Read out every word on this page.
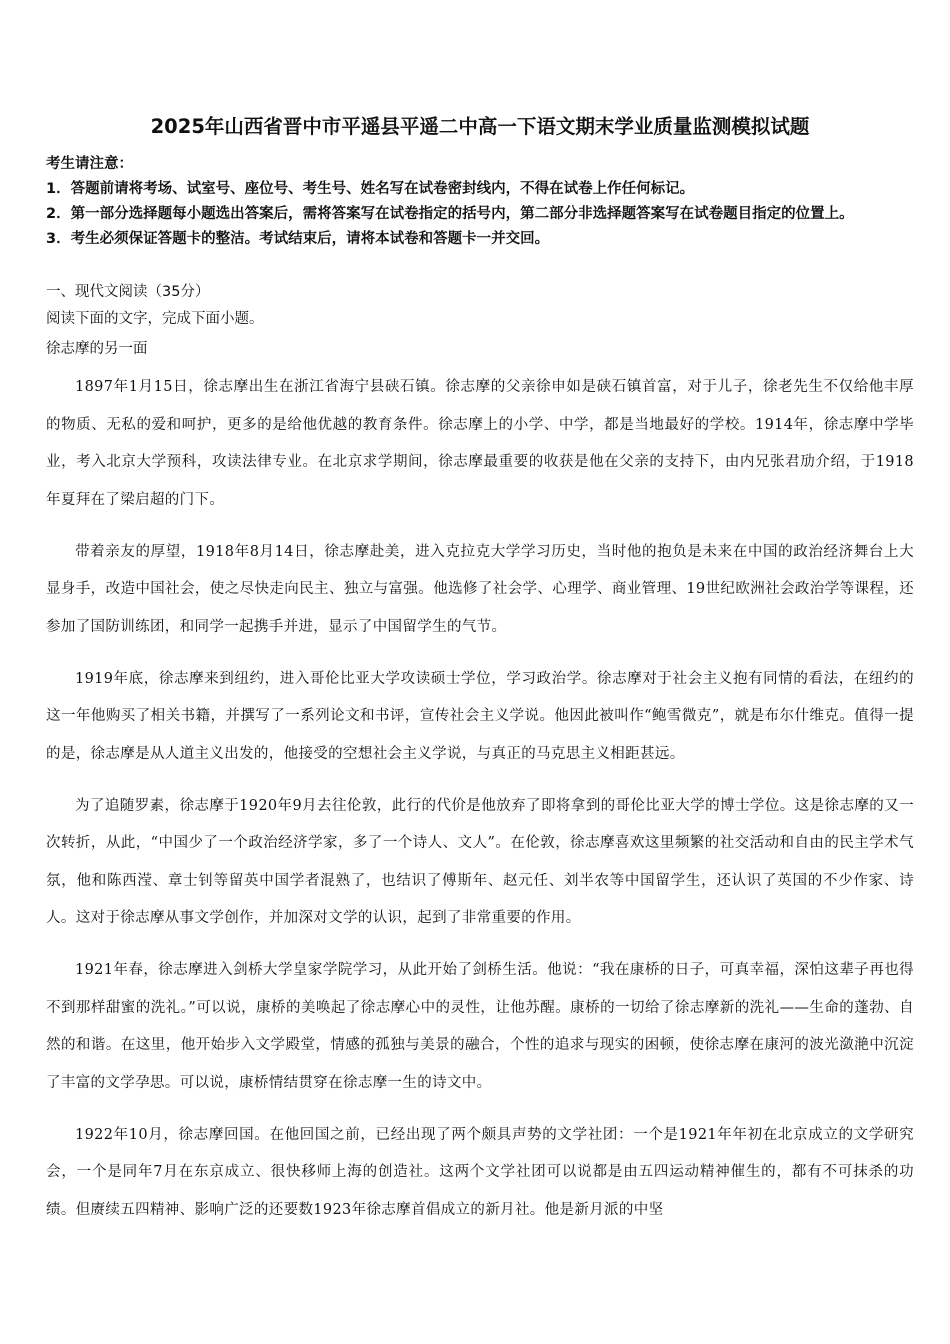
2025年山西省晋中市平遥县平遥二中高一下语文期末学业质量监测模拟试题
考生请注意：
1．答题前请将考场、试室号、座位号、考生号、姓名写在试卷密封线内，不得在试卷上作任何标记。
2．第一部分选择题每小题选出答案后，需将答案写在试卷指定的括号内，第二部分非选择题答案写在试卷题目指定的位置上。
3．考生必须保证答题卡的整洁。考试结束后，请将本试卷和答题卡一并交回。
一、现代文阅读（35分）
阅读下面的文字，完成下面小题。
徐志摩的另一面

1897年1月15日，徐志摩出生在浙江省海宁县硖石镇。徐志摩的父亲徐申如是硖石镇首富，对于儿子，徐老先生不仅给他丰厚的物质、无私的爱和呵护，更多的是给他优越的教育条件。徐志摩上的小学、中学，都是当地最好的学校。1914年，徐志摩中学毕业，考入北京大学预科，攻读法律专业。在北京求学期间，徐志摩最重要的收获是他在父亲的支持下，由内兄张君劢介绍，于1918年夏拜在了梁启超的门下。

带着亲友的厚望，1918年8月14日，徐志摩赴美，进入克拉克大学学习历史，当时他的抱负是未来在中国的政治经济舞台上大显身手，改造中国社会，使之尽快走向民主、独立与富强。他选修了社会学、心理学、商业管理、19世纪欧洲社会政治学等课程，还参加了国防训练团，和同学一起携手并进，显示了中国留学生的气节。

1919年底，徐志摩来到纽约，进入哥伦比亚大学攻读硕士学位，学习政治学。徐志摩对于社会主义抱有同情的看法，在纽约的这一年他购买了相关书籍，并撰写了一系列论文和书评，宣传社会主义学说。他因此被叫作“鲍雪微克”，就是布尔什维克。值得一提的是，徐志摩是从人道主义出发的，他接受的空想社会主义学说，与真正的马克思主义相距甚远。

为了追随罗素，徐志摩于1920年9月去往伦敦，此行的代价是他放弃了即将拿到的哥伦比亚大学的博士学位。这是徐志摩的又一次转折，从此，“中国少了一个政治经济学家，多了一个诗人、文人”。在伦敦，徐志摩喜欢这里频繁的社交活动和自由的民主学术气氛，他和陈西滢、章士钊等留英中国学者混熟了，也结识了傅斯年、赵元任、刘半农等中国留学生，还认识了英国的不少作家、诗人。这对于徐志摩从事文学创作，并加深对文学的认识，起到了非常重要的作用。

1921年春，徐志摩进入剑桥大学皇家学院学习，从此开始了剑桥生活。他说：“我在康桥的日子，可真幸福，深怕这辈子再也得不到那样甜蜜的洗礼。”可以说，康桥的美唤起了徐志摩心中的灵性，让他苏醒。康桥的一切给了徐志摩新的洗礼——生命的蓬勃、自然的和谐。在这里，他开始步入文学殿堂，情感的孤独与美景的融合，个性的追求与现实的困顿，使徐志摩在康河的波光潋滟中沉淀了丰富的文学孕思。可以说，康桥情结贯穿在徐志摩一生的诗文中。

1922年10月，徐志摩回国。在他回国之前，已经出现了两个颇具声势的文学社团：一个是1921年年初在北京成立的文学研究会，一个是同年7月在东京成立、很快移师上海的创造社。这两个文学社团可以说都是由五四运动精神催生的，都有不可抹杀的功绩。但赓续五四精神、影响广泛的还要数1923年徐志摩首倡成立的新月社。他是新月派的中坚
